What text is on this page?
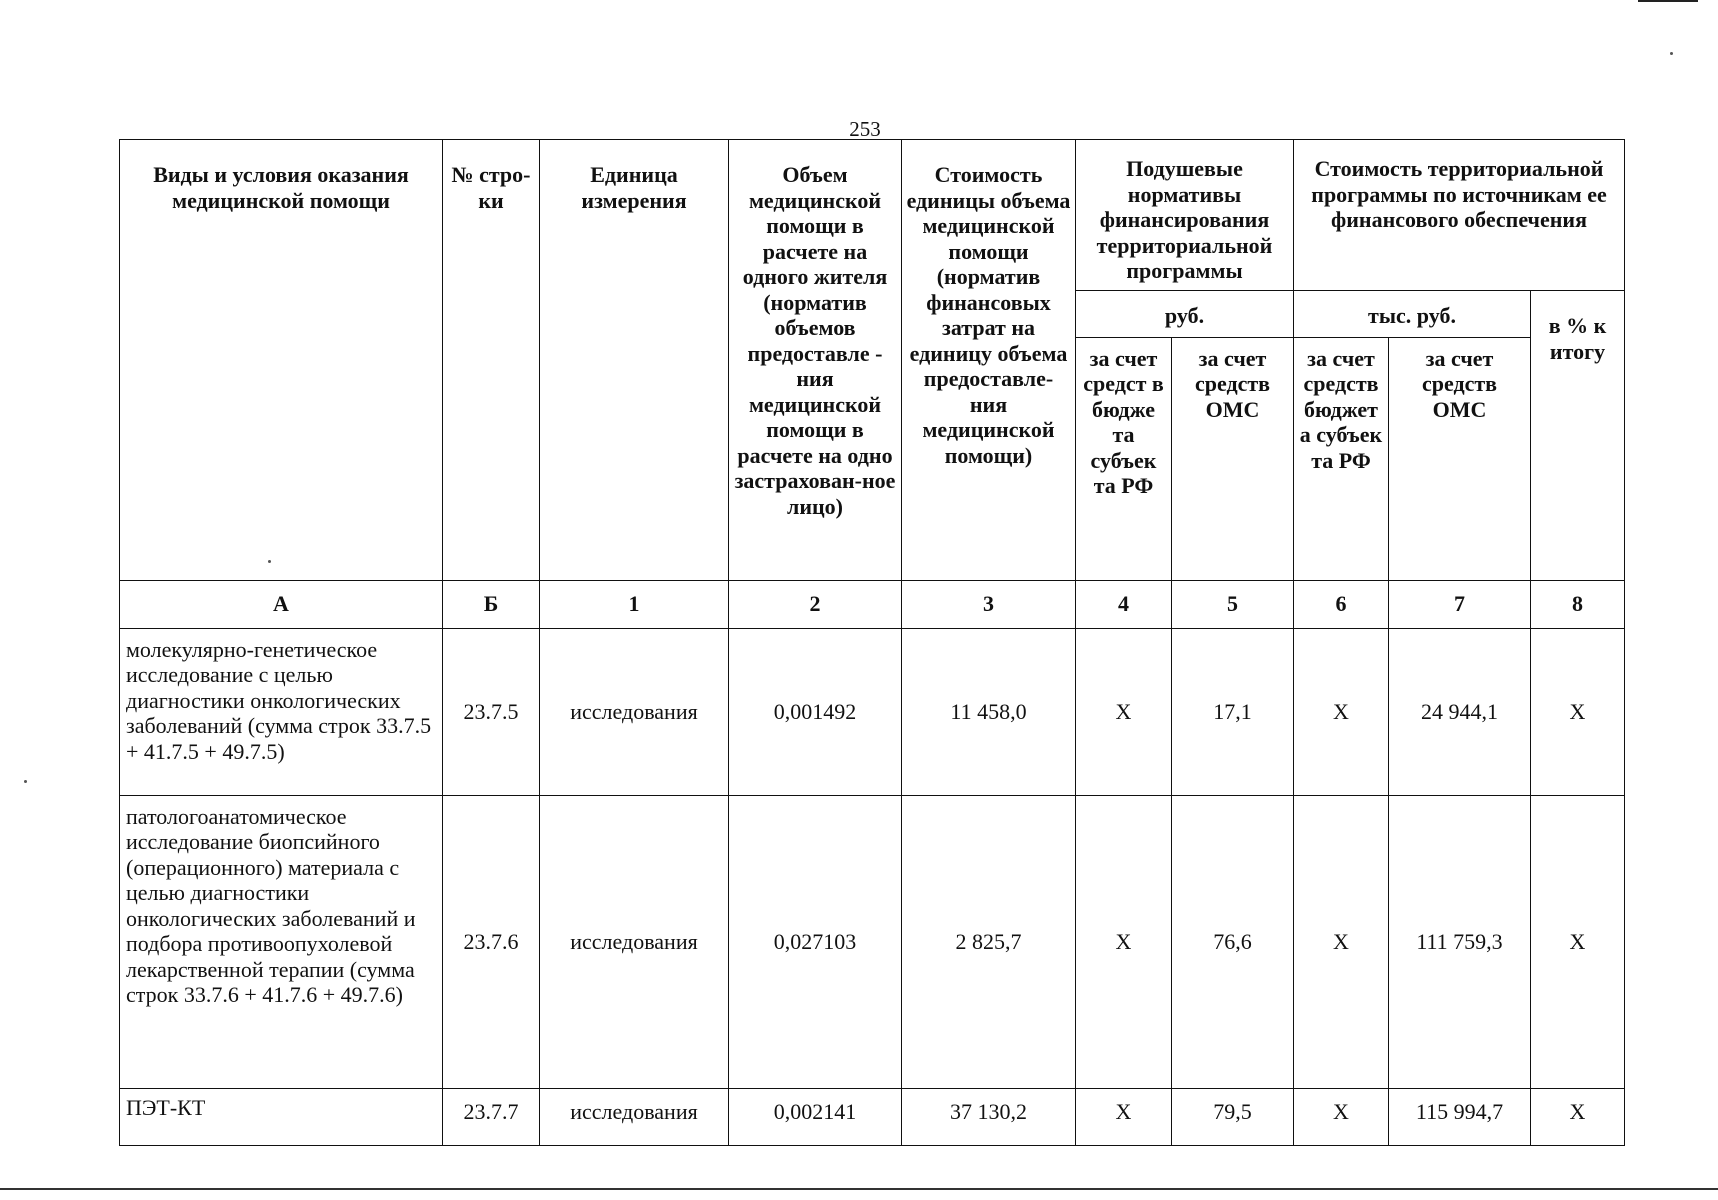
253
Виды и условия оказания медицинской помощи	№ стро-ки	Единица измерения	Объем медицинской помощи в расчете на одного жителя (норматив объемов предоставле - ния медицинской помощи в расчете на одно застрахован-ное лицо)	Стоимость единицы объема медицинской помощи (норматив финансовых затрат на единицу объема предоставле-ния медицинской помощи)	Подушевые нормативы финансирования территориальной программы		Стоимость территориальной программы по источникам ее финансового обеспечения		

					руб.		тыс. руб.		в % к итогу

					за счет средст в бюдже та субъек та РФ	за счет средств ОМС	за счет средств бюджет а субъек та РФ	за счет средств ОМС	

А	Б	1	2	3	4	5	6	7	8
молекулярно-генетическое исследование с целью диагностики онкологических заболеваний (сумма строк 33.7.5 + 41.7.5 + 49.7.5)	23.7.5	исследования	0,001492	11 458,0	Х	17,1	Х	24 944,1	Х
патологоанатомическое исследование биопсийного (операционного) материала с целью диагностики онкологических заболеваний и подбора противоопухолевой лекарственной терапии (сумма строк 33.7.6 + 41.7.6 + 49.7.6)	23.7.6	исследования	0,027103	2 825,7	Х	76,6	Х	111 759,3	Х
ПЭТ-КТ	23.7.7	исследования	0,002141	37 130,2	Х	79,5	Х	115 994,7	Х
